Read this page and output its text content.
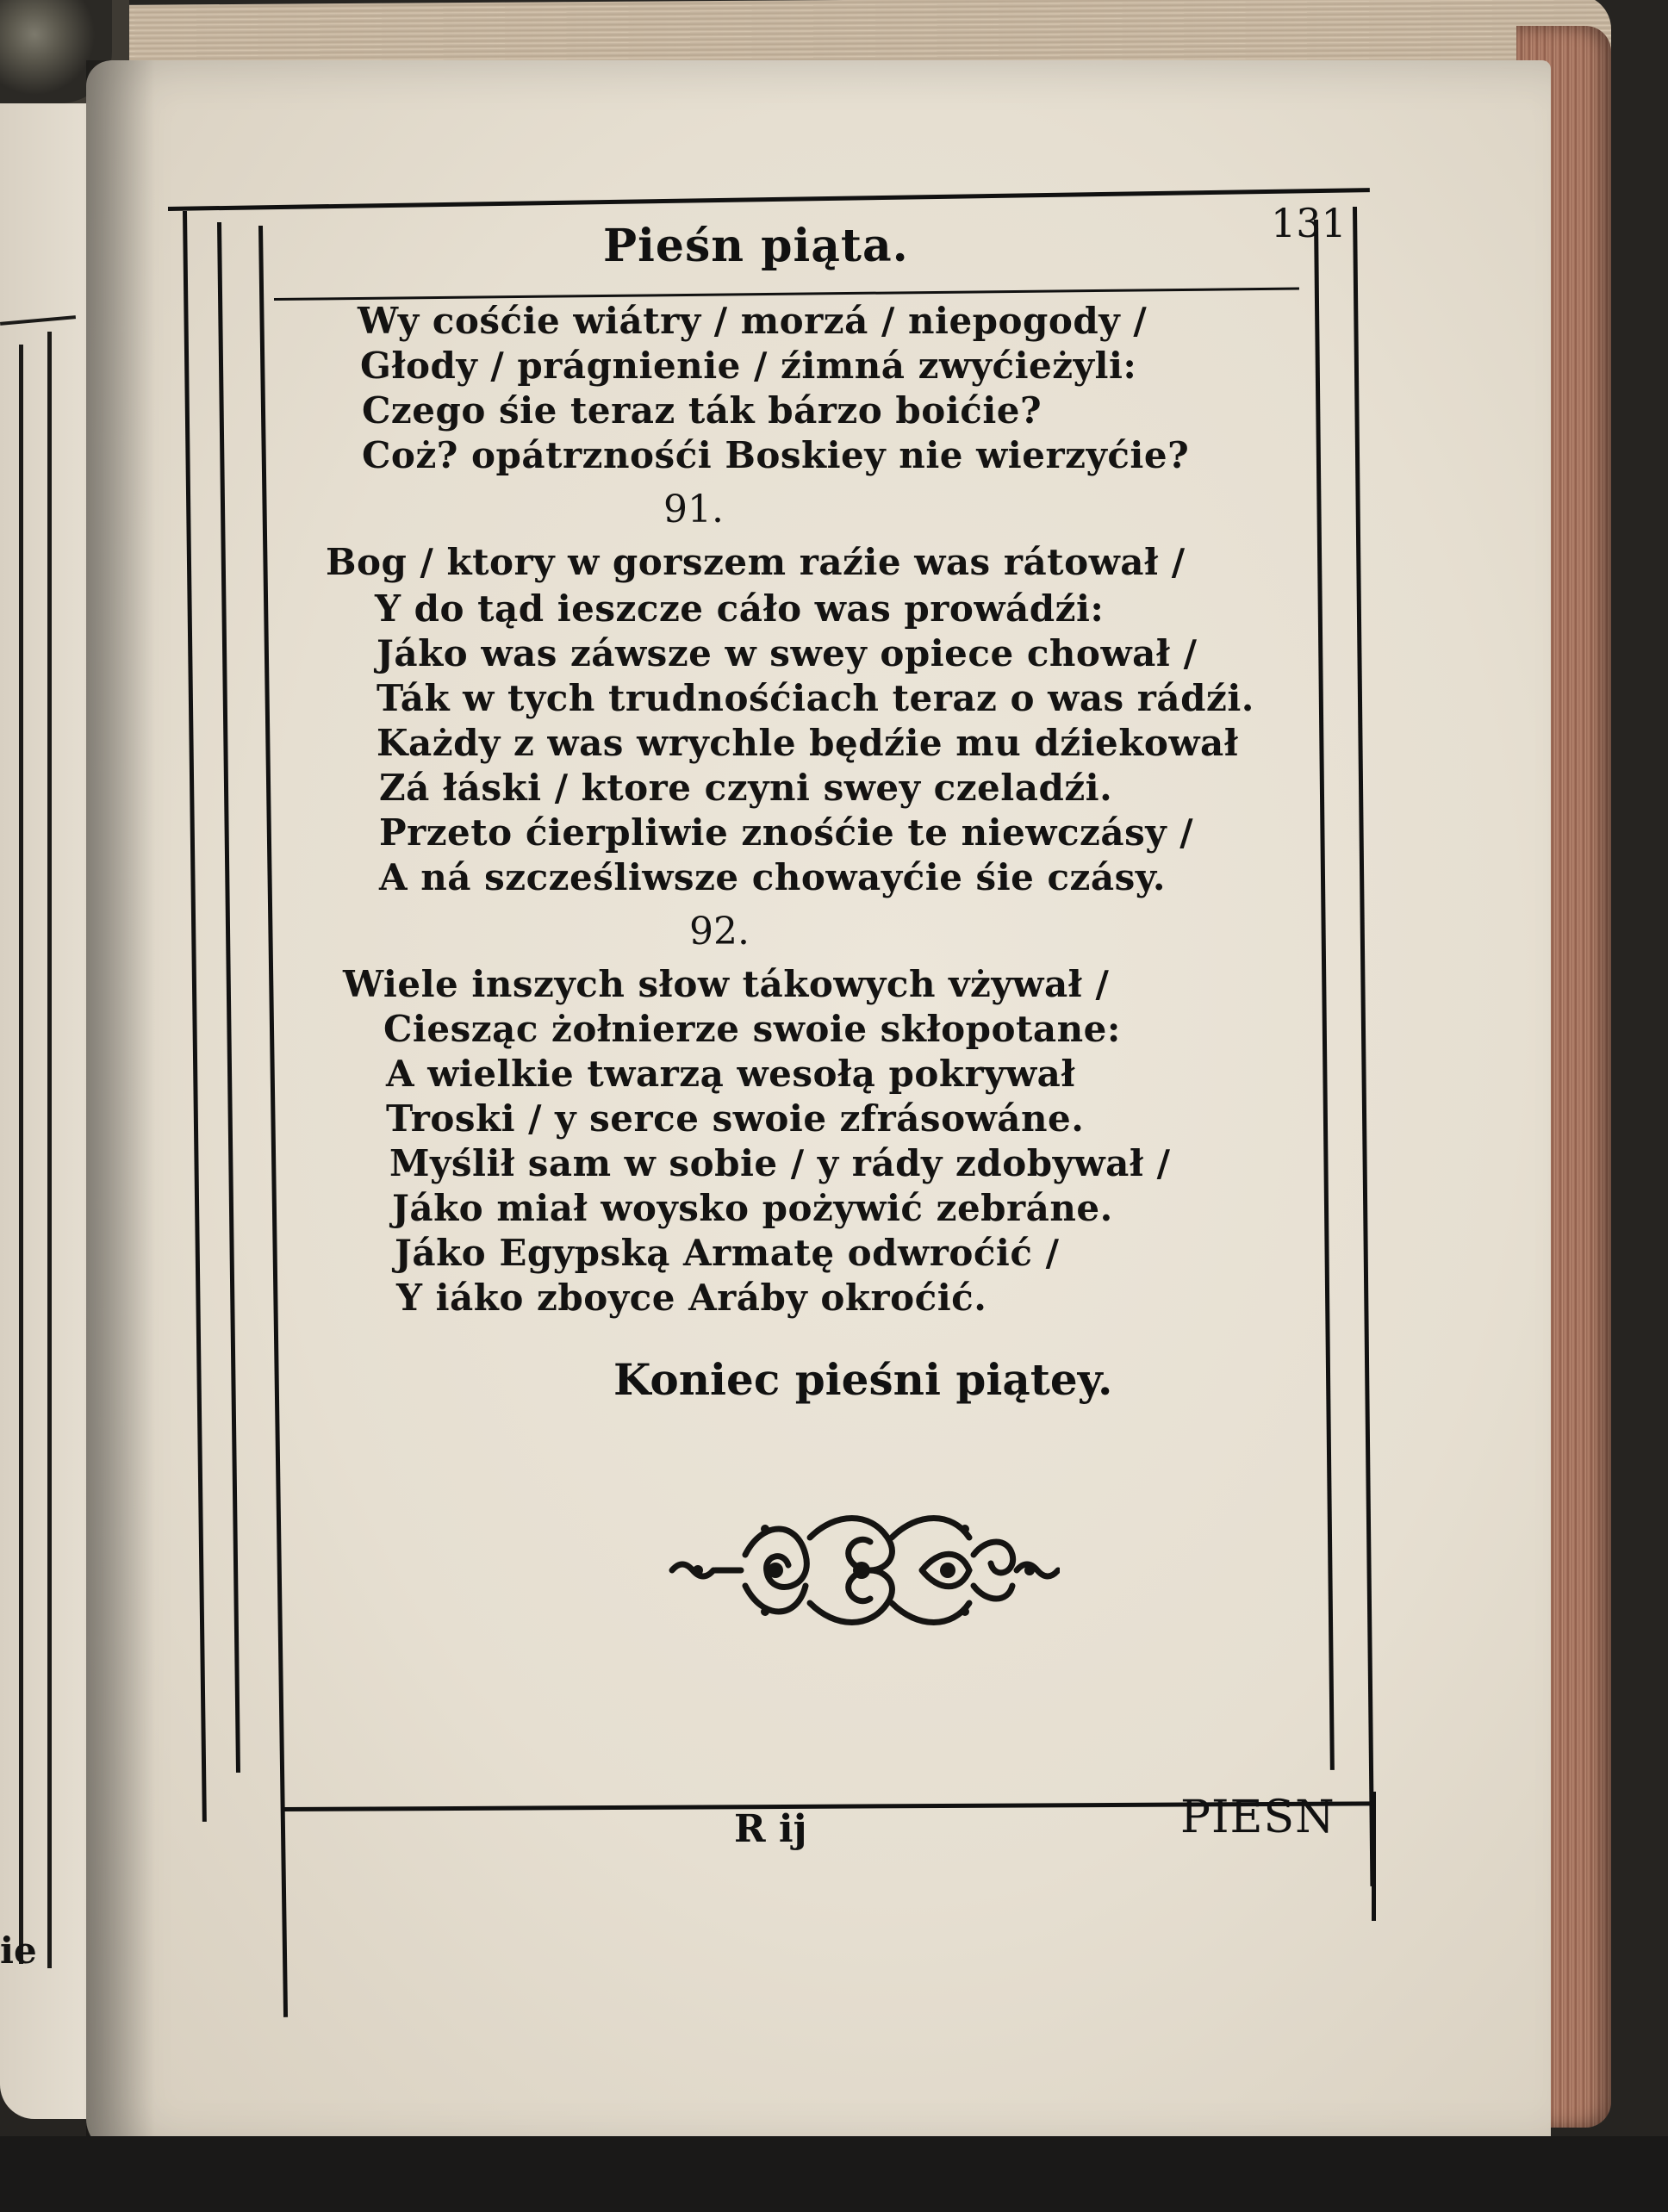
ie
Pieśn piąta.	131
Wy cośćie wiátry / morzá / niepogody /
Głody / prágnienie / źimná zwyćieżyli:
Czego śie teraz ták bárzo boićie?
Coż? opátrznośći Boskiey nie wierzyćie?
91.
Bog / ktory w gorszem raźie was rátował /
Y do tąd ieszcze cáło was prowádźi:
Jáko was záwsze w swey opiece chował /
Ták w tych trudnośćiach teraz o was rádźi.
Każdy z was wrychle będźie mu dźiekował
Zá łáski / ktore czyni swey czeladźi.
Przeto ćierpliwie znośćie te niewczásy /
A ná szcześliwsze chowayćie śie czásy.
92.
Wiele inszych słow tákowych vżywał /
Ciesząc żołnierze swoie skłopotane:
A wielkie twarzą wesołą pokrywał
Troski / y serce swoie zfrásowáne.
Myślił sam w sobie / y rády zdobywał /
Jáko miał woysko pożywić zebráne.
Jáko Egypską Armatę odwroćić /
Y iáko zboyce Aráby okroćić.
Koniec pieśni piątey.
R ij	PIESN
